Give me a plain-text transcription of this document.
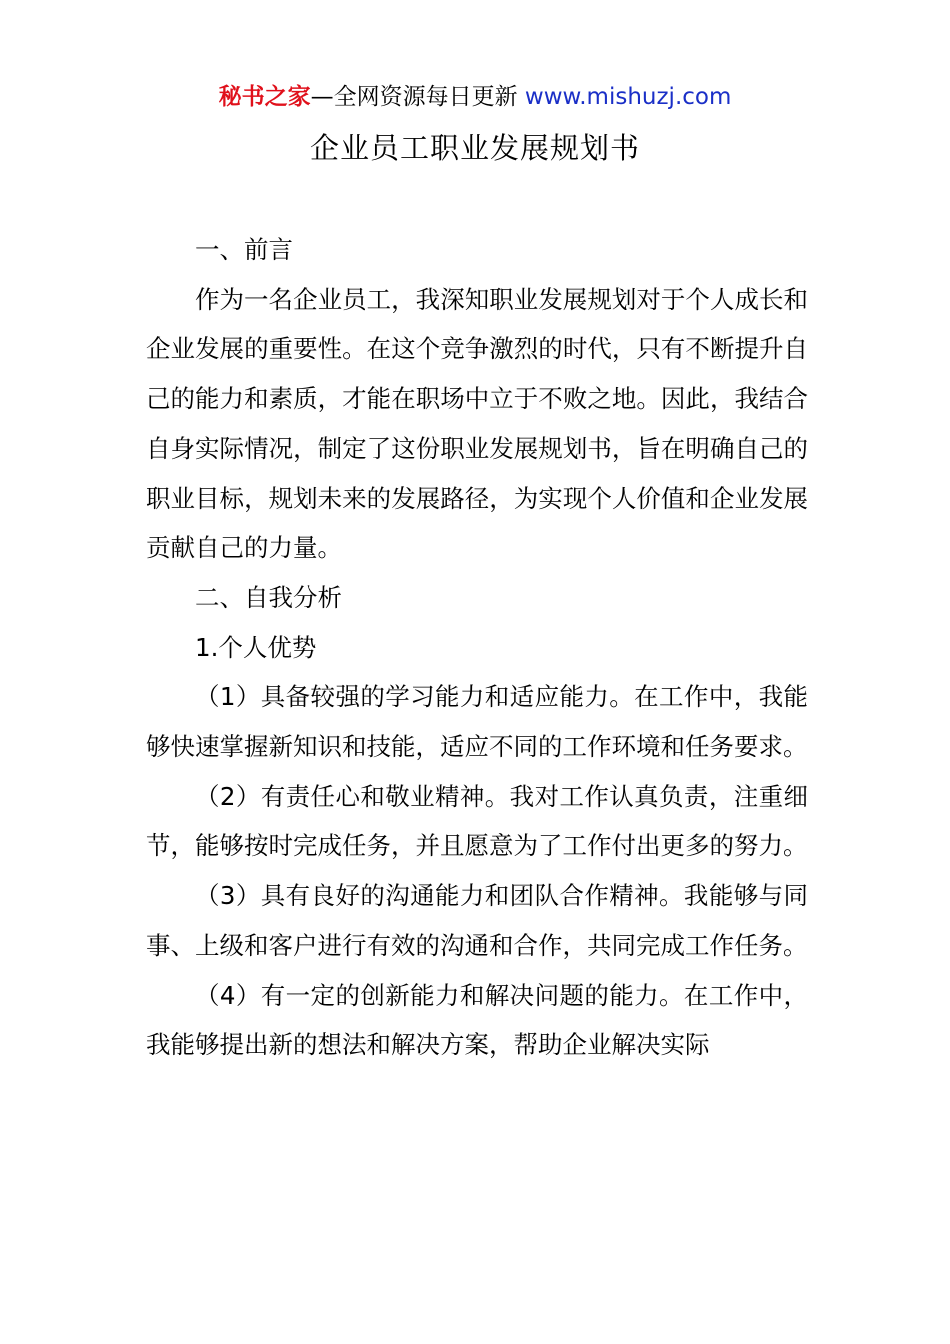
秘书之家—全网资源每日更新 www.mishuzj.com
企业员工职业发展规划书

一、前言

作为一名企业员工，我深知职业发展规划对于个人成长和企业发展的重要性。在这个竞争激烈的时代，只有不断提升自己的能力和素质，才能在职场中立于不败之地。因此，我结合自身实际情况，制定了这份职业发展规划书，旨在明确自己的职业目标，规划未来的发展路径，为实现个人价值和企业发展贡献自己的力量。

二、自我分析

1.个人优势

（1）具备较强的学习能力和适应能力。在工作中，我能够快速掌握新知识和技能，适应不同的工作环境和任务要求。

（2）有责任心和敬业精神。我对工作认真负责，注重细节，能够按时完成任务，并且愿意为了工作付出更多的努力。

（3）具有良好的沟通能力和团队合作精神。我能够与同事、上级和客户进行有效的沟通和合作，共同完成工作任务。

（4）有一定的创新能力和解决问题的能力。在工作中，我能够提出新的想法和解决方案，帮助企业解决实际
